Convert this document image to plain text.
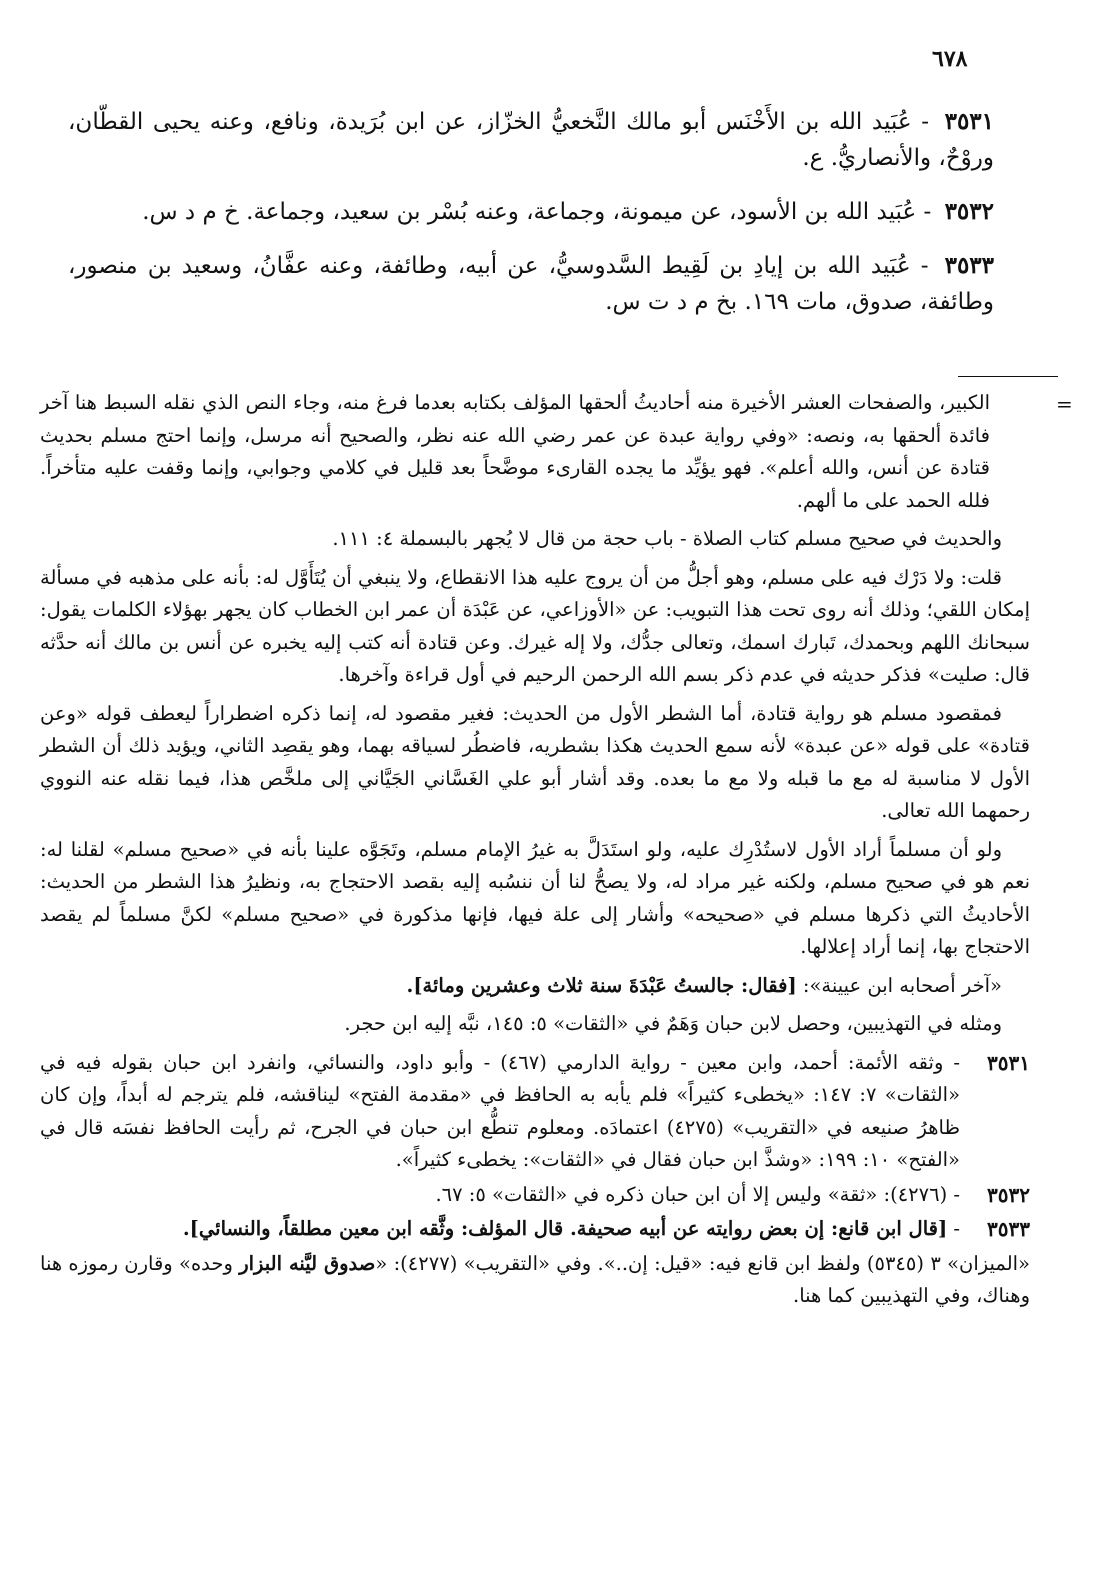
٦٧٨

٣٥٣١ - عُبَيد الله بن الأَخْنَس أبو مالك النَّخعيُّ الخزّاز، عن ابن بُرَيدة، ونافع، وعنه يحيى القطّان، وروْحٌ، والأنصاريُّ. ع.

٣٥٣٢ - عُبَيد الله بن الأسود، عن ميمونة، وجماعة، وعنه بُسْر بن سعيد، وجماعة. خ م د س.

٣٥٣٣ - عُبَيد الله بن إيادِ بن لَقِيط السَّدوسيُّ، عن أبيه، وطائفة، وعنه عفَّانُ، وسعيد بن منصور، وطائفة، صدوق، مات ١٦٩. بخ م د ت س.

=

الكبير، والصفحات العشر الأخيرة منه أحاديثُ ألحقها المؤلف بكتابه بعدما فرغ منه، وجاء النص الذي نقله السبط هنا آخر فائدة ألحقها به، ونصه: «وفي رواية عبدة عن عمر رضي الله عنه نظر، والصحيح أنه مرسل، وإنما احتج مسلم بحديث قتادة عن أنس، والله أعلم». فهو يؤيِّد ما يجده القارىء موضَّحاً بعد قليل في كلامي وجوابي، وإنما وقفت عليه متأخراً. فلله الحمد على ما ألهم.

والحديث في صحيح مسلم كتاب الصلاة - باب حجة من قال لا يُجهر بالبسملة ٤: ١١١.

قلت: ولا دَرْك فيه على مسلم، وهو أجلُّ من أن يروج عليه هذا الانقطاع، ولا ينبغي أن يُتَأَوَّل له: بأنه على مذهبه في مسألة إمكان اللقي؛ وذلك أنه روى تحت هذا التبويب: عن «الأوزاعي، عن عَبْدَة أن عمر ابن الخطاب كان يجهر بهؤلاء الكلمات يقول: سبحانك اللهم وبحمدك، تَبارك اسمك، وتعالى جدُّك، ولا إله غيرك. وعن قتادة أنه كتب إليه يخبره عن أنس بن مالك أنه حدَّثه قال: صليت» فذكر حديثه في عدم ذكر بسم الله الرحمن الرحيم في أول قراءة وآخرها.

فمقصود مسلم هو رواية قتادة، أما الشطر الأول من الحديث: فغير مقصود له، إنما ذكره اضطراراً ليعطف قوله «وعن قتادة» على قوله «عن عبدة» لأنه سمع الحديث هكذا بشطريه، فاضطُر لسياقه بهما، وهو يقصِد الثاني، ويؤيد ذلك أن الشطر الأول لا مناسبة له مع ما قبله ولا مع ما بعده. وقد أشار أبو علي الغَسَّاني الجَيَّاني إلى ملخَّص هذا، فيما نقله عنه النووي رحمهما الله تعالى.

ولو أن مسلماً أراد الأول لاستُدْرِك عليه، ولو استَدَلَّ به غيرُ الإمام مسلم، وتَجَوَّه علينا بأنه في «صحيح مسلم» لقلنا له: نعم هو في صحيح مسلم، ولكنه غير مراد له، ولا يصحُّ لنا أن ننسُبه إليه بقصد الاحتجاج به، ونظيرُ هذا الشطر من الحديث: الأحاديثُ التي ذكرها مسلم في «صحيحه» وأشار إلى علة فيها، فإنها مذكورة في «صحيح مسلم» لكنَّ مسلماً لم يقصد الاحتجاج بها، إنما أراد إعلالها.

«آخر أصحابه ابن عيينة»: [فقال: جالستُ عَبْدَةَ سنة ثلاث وعشرين ومائة].

ومثله في التهذيبين، وحصل لابن حبان وَهَمٌ في «الثقات» ٥: ١٤٥، نبَّه إليه ابن حجر.

٣٥٣١
- وثقه الأئمة: أحمد، وابن معين - رواية الدارمي (٤٦٧) - وأبو داود، والنسائي، وانفرد ابن حبان بقوله فيه في «الثقات» ٧: ١٤٧: «يخطىء كثيراً» فلم يأبه به الحافظ في «مقدمة الفتح» ليناقشه، فلم يترجم له أبداً، وإن كان ظاهرُ صنيعه في «التقريب» (٤٢٧٥) اعتمادَه. ومعلوم تنطُّع ابن حبان في الجرح، ثم رأيت الحافظ نفسَه قال في «الفتح» ١٠: ١٩٩: «وشذَّ ابن حبان فقال في «الثقات»: يخطىء كثيراً».
٣٥٣٢
- (٤٢٧٦): «ثقة» وليس إلا أن ابن حبان ذكره في «الثقات» ٥: ٦٧.
٣٥٣٣
- [قال ابن قانع: إن بعض روايته عن أبيه صحيفة. قال المؤلف: وثَّقه ابن معين مطلقاً، والنسائي].

«الميزان» ٣ (٥٣٤٥) ولفظ ابن قانع فيه: «قيل: إن..». وفي «التقريب» (٤٢٧٧): «صدوق ليَّنه البزار وحده» وقارن رموزه هنا وهناك، وفي التهذيبين كما هنا.
